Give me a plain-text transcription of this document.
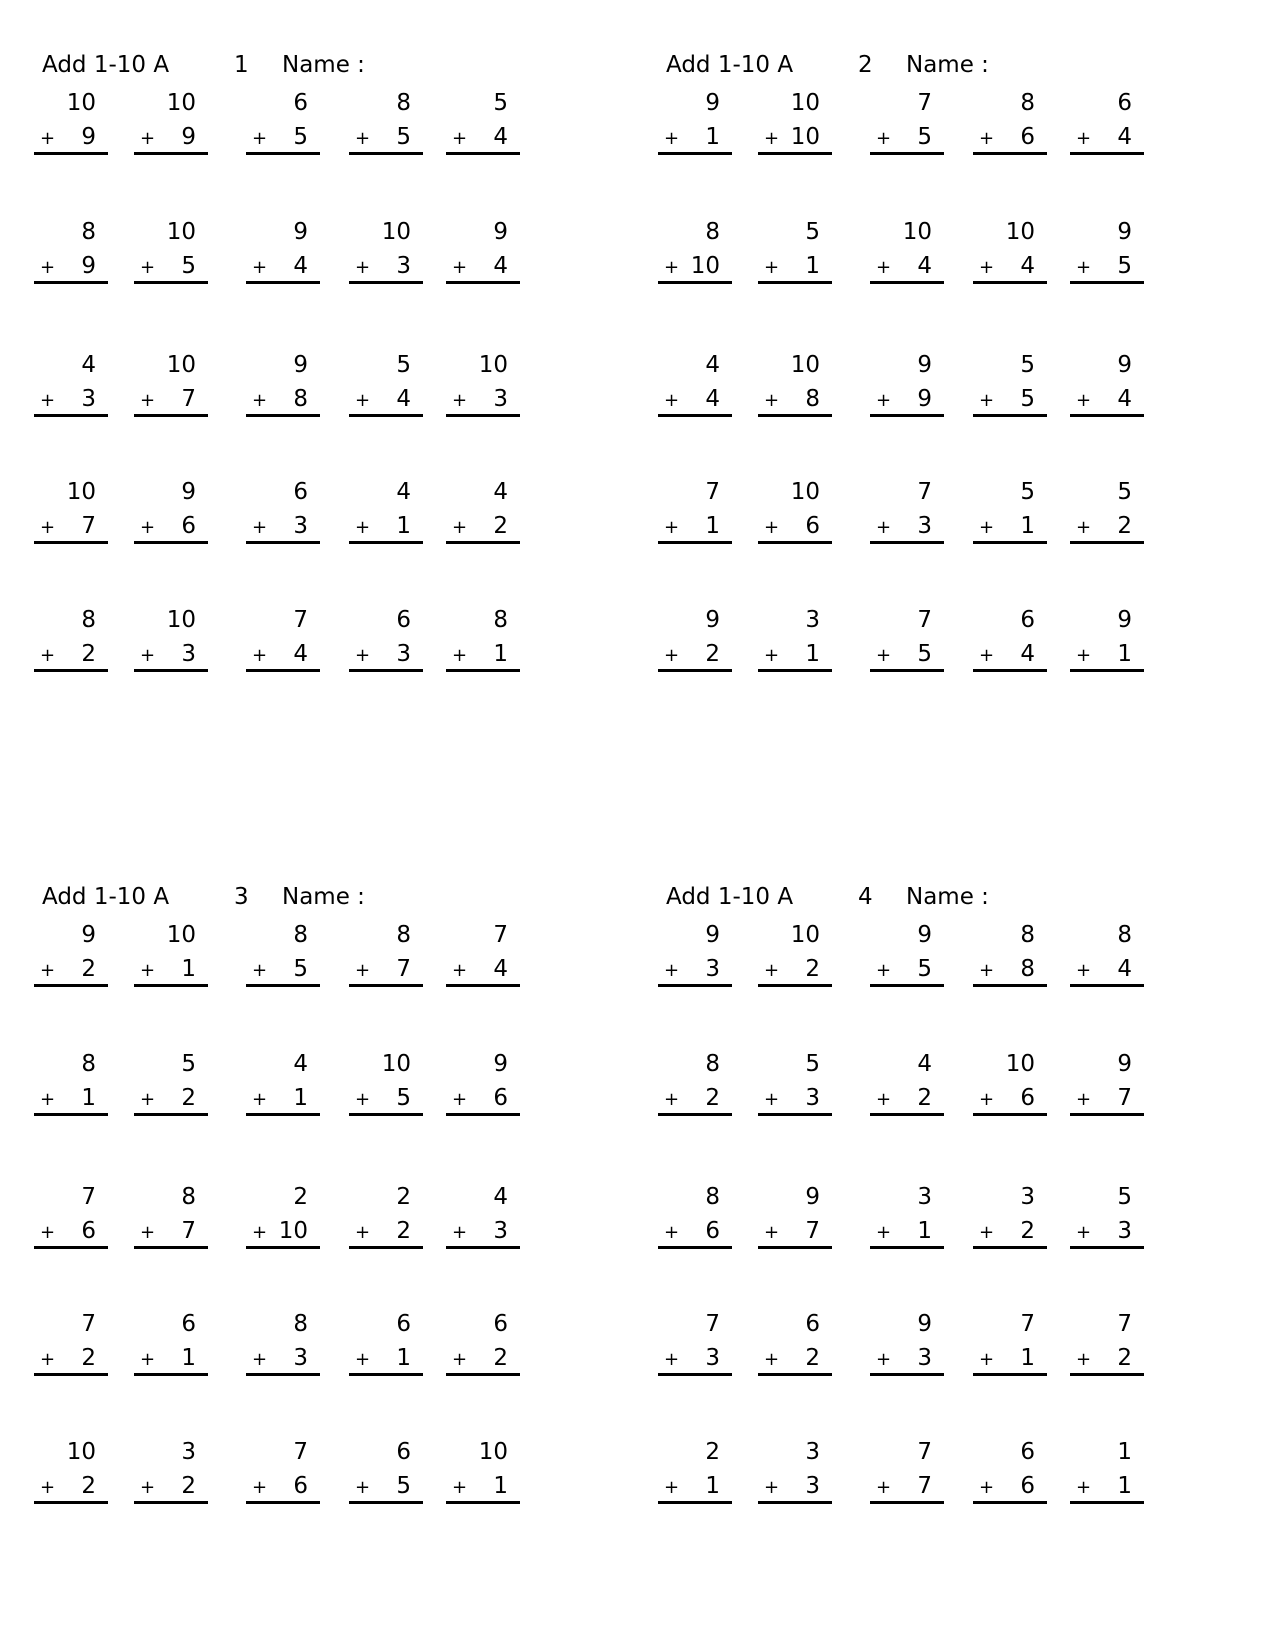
Add 1-10 A	1 Name :
10
+ 9
10
+ 9
6
+ 5
8
+ 5
5
+ 4
8
+ 9
10
+ 5
9
+ 4
10
+ 3
9
+ 4
4
+ 3
10
+ 7
9
+ 8
5
+ 4
10
+ 3
10
+ 7
9
+ 6
6
+ 3
4
+ 1
4
+ 2
8
+ 2
10
+ 3
7
+ 4
6
+ 3
8
+ 1
Add 1-10 A	2 Name :
9
+ 1
10
+ 10
7
+ 5
8
+ 6
6
+ 4
8
+ 10
5
+ 1
10
+ 4
10
+ 4
9
+ 5
4
+ 4
10
+ 8
9
+ 9
5
+ 5
9
+ 4
7
+ 1
10
+ 6
7
+ 3
5
+ 1
5
+ 2
9
+ 2
3
+ 1
7
+ 5
6
+ 4
9
+ 1
Add 1-10 A	3 Name :
9
+ 2
10
+ 1
8
+ 5
8
+ 7
7
+ 4
8
+ 1
5
+ 2
4
+ 1
10
+ 5
9
+ 6
7
+ 6
8
+ 7
2
+ 10
2
+ 2
4
+ 3
7
+ 2
6
+ 1
8
+ 3
6
+ 1
6
+ 2
10
+ 2
3
+ 2
7
+ 6
6
+ 5
10
+ 1
Add 1-10 A	4 Name :
9
+ 3
10
+ 2
9
+ 5
8
+ 8
8
+ 4
8
+ 2
5
+ 3
4
+ 2
10
+ 6
9
+ 7
8
+ 6
9
+ 7
3
+ 1
3
+ 2
5
+ 3
7
+ 3
6
+ 2
9
+ 3
7
+ 1
7
+ 2
2
+ 1
3
+ 3
7
+ 7
6
+ 6
1
+ 1
